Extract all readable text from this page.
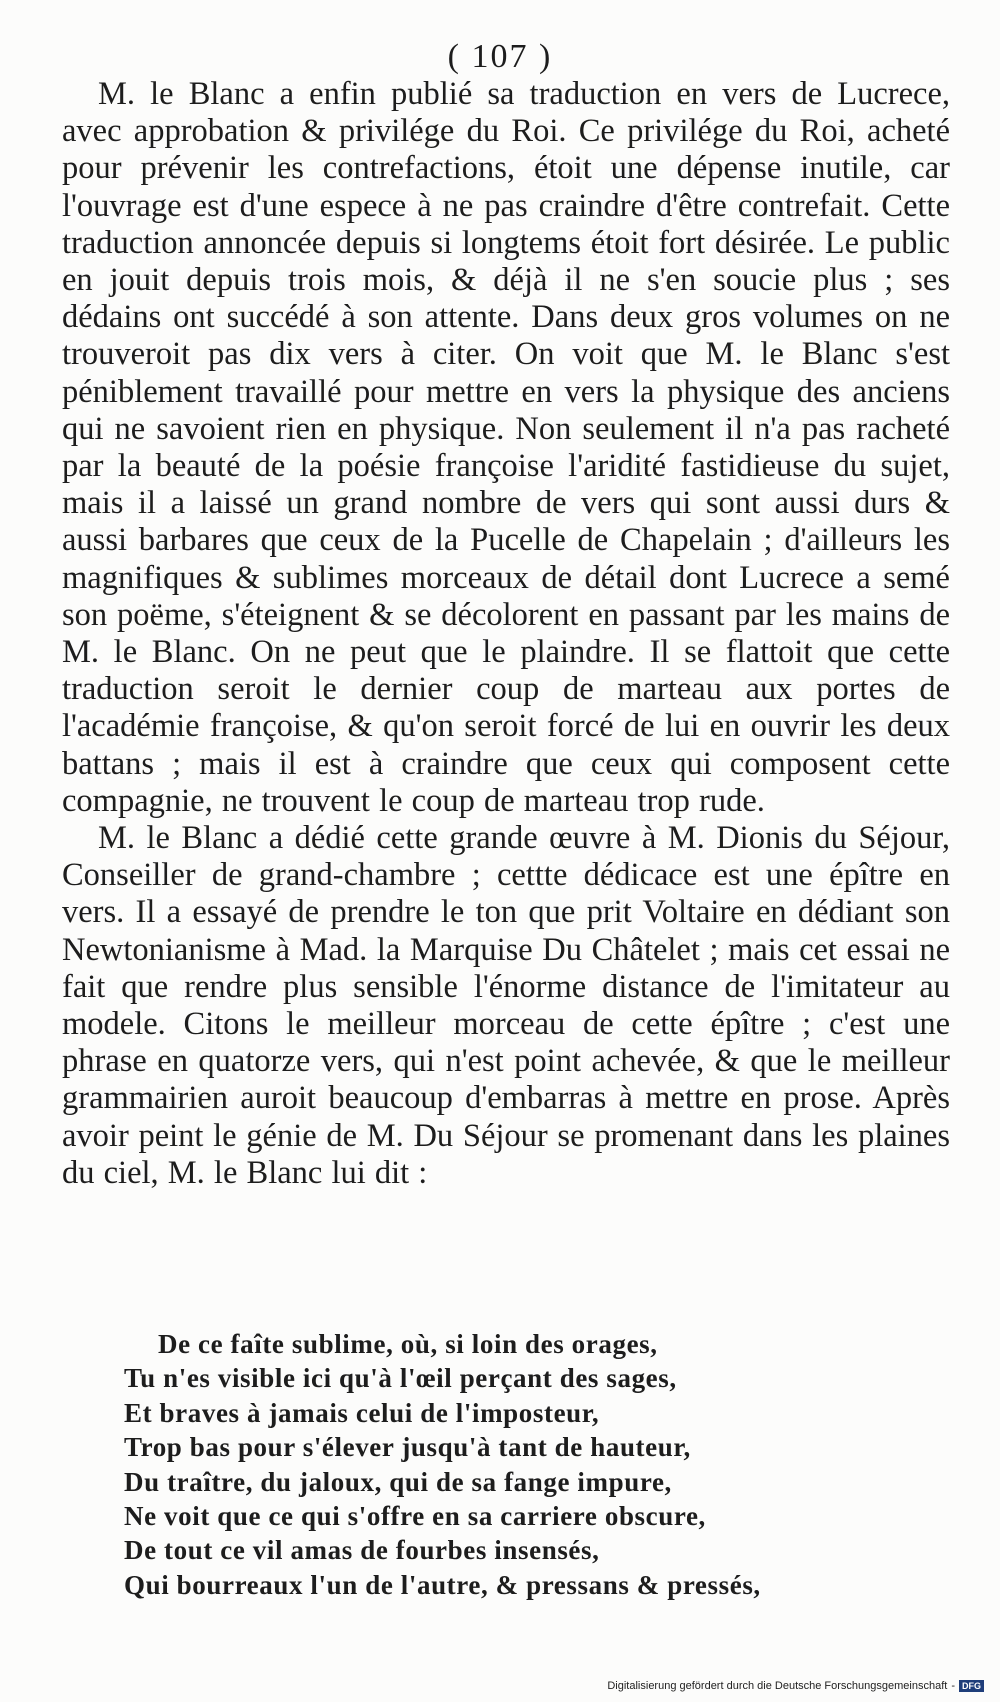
( 107 )

M. le Blanc a enfin publié sa traduction en vers de Lucrece, avec approbation & privilége du Roi. Ce privilége du Roi, acheté pour prévenir les contrefactions, étoit une dépense inutile, car l'ouvrage est d'une espece à ne pas craindre d'être contrefait. Cette traduction annoncée depuis si longtems étoit fort désirée. Le public en jouit depuis trois mois, & déjà il ne s'en soucie plus ; ses dédains ont succédé à son attente. Dans deux gros volumes on ne trouveroit pas dix vers à citer. On voit que M. le Blanc s'est péniblement travaillé pour mettre en vers la physique des anciens qui ne savoient rien en physique. Non seulement il n'a pas racheté par la beauté de la poésie françoise l'aridité fastidieuse du sujet, mais il a laissé un grand nombre de vers qui sont aussi durs & aussi barbares que ceux de la Pucelle de Chapelain ; d'ailleurs les magnifiques & sublimes morceaux de détail dont Lucrece a semé son poëme, s'éteignent & se décolorent en passant par les mains de M. le Blanc. On ne peut que le plaindre. Il se flattoit que cette traduction seroit le dernier coup de marteau aux portes de l'académie françoise, & qu'on seroit forcé de lui en ouvrir les deux battans ; mais il est à craindre que ceux qui composent cette compagnie, ne trouvent le coup de marteau trop rude.

M. le Blanc a dédié cette grande œuvre à M. Dionis du Séjour, Conseiller de grand-chambre ; cettte dédicace est une épître en vers. Il a essayé de prendre le ton que prit Voltaire en dédiant son Newtonianisme à Mad. la Marquise Du Châtelet ; mais cet essai ne fait que rendre plus sensible l'énorme distance de l'imitateur au modele. Citons le meilleur morceau de cette épître ; c'est une phrase en quatorze vers, qui n'est point achevée, & que le meilleur grammairien auroit beaucoup d'embarras à mettre en prose. Après avoir peint le génie de M. Du Séjour se promenant dans les plaines du ciel, M. le Blanc lui dit :

De ce faîte sublime, où, si loin des orages,
Tu n'es visible ici qu'à l'œil perçant des sages,
Et braves à jamais celui de l'imposteur,
Trop bas pour s'élever jusqu'à tant de hauteur,
Du traître, du jaloux, qui de sa fange impure,
Ne voit que ce qui s'offre en sa carriere obscure,
De tout ce vil amas de fourbes insensés,
Qui bourreaux l'un de l'autre, & pressans & pressés,
Digitalisierung gefördert durch die Deutsche Forschungsgemeinschaft - DFG
